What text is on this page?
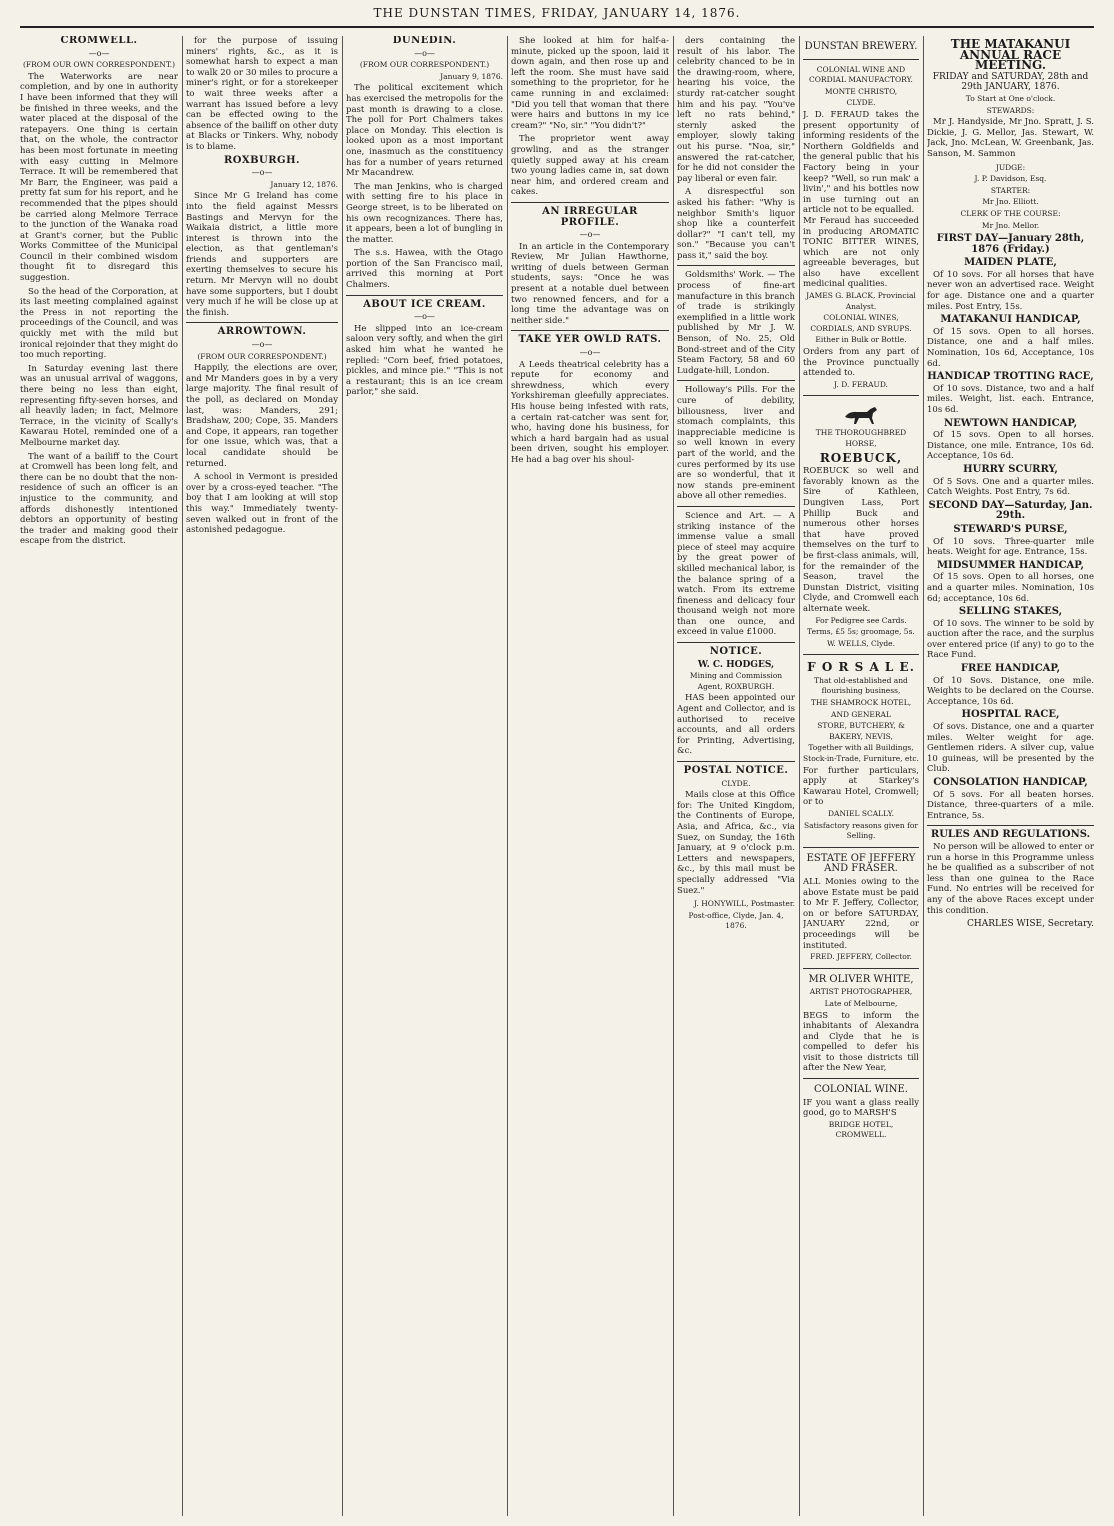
THE DUNSTAN TIMES, FRIDAY, JANUARY 14, 1876.
CROMWELL.
—o—
(FROM OUR OWN CORRESPONDENT.)

The Waterworks are near completion, and by one in authority I have been informed that they will be finished in three weeks, and the water placed at the disposal of the ratepayers. One thing is certain that, on the whole, the contractor has been most fortunate in meeting with easy cutting in Melmore Terrace. It will be remembered that Mr Barr, the Engineer, was paid a pretty fat sum for his report, and he recommended that the pipes should be carried along Melmore Terrace to the junction of the Wanaka road at Grant's corner, but the Public Works Committee of the Municipal Council in their combined wisdom thought fit to disregard this suggestion.

So the head of the Corporation, at its last meeting complained against the Press in not reporting the proceedings of the Council, and was quickly met with the mild but ironical rejoinder that they might do too much reporting.

In Saturday evening last there was an unusual arrival of waggons, there being no less than eight, representing fifty-seven horses, and all heavily laden; in fact, Melmore Terrace, in the vicinity of Scally's Kawarau Hotel, reminded one of a Melbourne market day.

The want of a bailiff to the Court at Cromwell has been long felt, and there can be no doubt that the non-residence of such an officer is an injustice to the community, and affords dishonestly intentioned debtors an opportunity of besting the trader and making good their escape from the district.

for the purpose of issuing miners' rights, &c., as it is somewhat harsh to expect a man to walk 20 or 30 miles to procure a miner's right, or for a storekeeper to wait three weeks after a warrant has issued before a levy can be effected owing to the absence of the bailiff on other duty at Blacks or Tinkers. Why, nobody is to blame.

ROXBURGH.
—o—
January 12, 1876.

Since Mr G Ireland has come into the field against Messrs Bastings and Mervyn for the Waikaia district, a little more interest is thrown into the election, as that gentleman's friends and supporters are exerting themselves to secure his return. Mr Mervyn will no doubt have some supporters, but I doubt very much if he will be close up at the finish.

ARROWTOWN.
—o—
(FROM OUR CORRESPONDENT.)

Happily, the elections are over, and Mr Manders goes in by a very large majority. The final result of the poll, as declared on Monday last, was: Manders, 291; Bradshaw, 200; Cope, 35. Manders and Cope, it appears, ran together for one issue, which was, that a local candidate should be returned.

A school in Vermont is presided over by a cross-eyed teacher. "The boy that I am looking at will stop this way." Immediately twenty-seven walked out in front of the astonished pedagogue.

DUNEDIN.
—o—
(FROM OUR CORRESPONDENT.)
January 9, 1876.

The political excitement which has exercised the metropolis for the past month is drawing to a close. The poll for Port Chalmers takes place on Monday. This election is looked upon as a most important one, inasmuch as the constituency has for a number of years returned Mr Macandrew.

The man Jenkins, who is charged with setting fire to his place in George street, is to be liberated on his own recognizances. There has, it appears, been a lot of bungling in the matter.

The s.s. Hawea, with the Otago portion of the San Francisco mail, arrived this morning at Port Chalmers.

ABOUT ICE CREAM.
—o—

He slipped into an ice-cream saloon very softly, and when the girl asked him what he wanted he replied: "Corn beef, fried potatoes, pickles, and mince pie." "This is not a restaurant; this is an ice cream parlor," she said.

She looked at him for half-a-minute, picked up the spoon, laid it down again, and then rose up and left the room. She must have said something to the proprietor, for he came running in and exclaimed: "Did you tell that woman that there were hairs and buttons in my ice cream?" "No, sir." "You didn't?"

The proprietor went away growling, and as the stranger quietly supped away at his cream two young ladies came in, sat down near him, and ordered cream and cakes.

AN IRREGULAR PROFILE.
—o—

In an article in the Contemporary Review, Mr Julian Hawthorne, writing of duels between German students, says: "Once he was present at a notable duel between two renowned fencers, and for a long time the advantage was on neither side."

TAKE YER OWLD RATS.
—o—

A Leeds theatrical celebrity has a repute for economy and shrewdness, which every Yorkshireman gleefully appreciates. His house being infested with rats, a certain rat-catcher was sent for, who, having done his business, for which a hard bargain had as usual been driven, sought his employer. He had a bag over his shoul-

ders containing the result of his labor. The celebrity chanced to be in the drawing-room, where, hearing his voice, the sturdy rat-catcher sought him and his pay. "You've left no rats behind," sternly asked the employer, slowly taking out his purse. "Noa, sir," answered the rat-catcher, for he did not consider the pay liberal or even fair.

A disrespectful son asked his father: "Why is neighbor Smith's liquor shop like a counterfeit dollar?" "I can't tell, my son." "Because you can't pass it," said the boy.

Goldsmiths' Work. — The process of fine-art manufacture in this branch of trade is strikingly exemplified in a little work published by Mr J. W. Benson, of No. 25, Old Bond-street and of the City Steam Factory, 58 and 60 Ludgate-hill, London.

Holloway's Pills. For the cure of debility, biliousness, liver and stomach complaints, this inappreciable medicine is so well known in every part of the world, and the cures performed by its use are so wonderful, that it now stands pre-eminent above all other remedies.

Science and Art. — A striking instance of the immense value a small piece of steel may acquire by the great power of skilled mechanical labor, is the balance spring of a watch. From its extreme fineness and delicacy four thousand weigh not more than one ounce, and exceed in value £1000.

NOTICE.
W. C. HODGES,
Mining and Commission Agent, ROXBURGH.

HAS been appointed our Agent and Collector, and is authorised to receive accounts, and all orders for Printing, Advertising, &c.

POSTAL NOTICE.
CLYDE.

Mails close at this Office for: The United Kingdom, the Continents of Europe, Asia, and Africa, &c., via Suez, on Sunday, the 16th January, at 9 o'clock p.m. Letters and newspapers, &c., by this mail must be specially addressed "Via Suez."

J. HONYWILL, Postmaster.
Post-office, Clyde, Jan. 4, 1876.
DUNSTAN BREWERY.
COLONIAL WINE AND CORDIAL MANUFACTORY.
MONTE CHRISTO,
CLYDE.
J. D. FERAUD takes the present opportunity of informing residents of the Northern Goldfields and the general public that his Factory being in your keep? "Well, so run mak' a livin'," and his bottles now in use turning out an article not to be equalled.
Mr Feraud has succeeded in producing AROMATIC TONIC BITTER WINES, which are not only agreeable beverages, but also have excellent medicinal qualities.
JAMES G. BLACK, Provincial Analyst.
COLONIAL WINES, CORDIALS, AND SYRUPS.
Either in Bulk or Bottle.
Orders from any part of the Province punctually attended to.
J. D. FERAUD.
THE THOROUGHBRED HORSE,
ROEBUCK,
ROEBUCK so well and favorably known as the Sire of Kathleen, Dungiven Lass, Port Phillip Buck and numerous other horses that have proved themselves on the turf to be first-class animals, will, for the remainder of the Season, travel the Dunstan District, visiting Clyde, and Cromwell each alternate week.
For Pedigree see Cards.
Terms, £5 5s; groomage, 5s.
W. WELLS, Clyde.
F O R S A L E.
That old-established and flourishing business,
THE SHAMROCK HOTEL,
AND GENERAL
STORE, BUTCHERY, & BAKERY, NEVIS,
Together with all Buildings, Stock-in-Trade, Furniture, etc.
For further particulars, apply at Starkey's Kawarau Hotel, Cromwell; or to
DANIEL SCALLY.
Satisfactory reasons given for Selling.
ESTATE OF JEFFERY AND FRASER.
ALL Monies owing to the above Estate must be paid to Mr F. Jeffery, Collector, on or before SATURDAY, JANUARY 22nd, or proceedings will be instituted.
FRED. JEFFERY, Collector.
MR OLIVER WHITE,
ARTIST PHOTOGRAPHER,
Late of Melbourne,
BEGS to inform the inhabitants of Alexandra and Clyde that he is compelled to defer his visit to those districts till after the New Year,
COLONIAL WINE.
IF you want a glass really good, go to MARSH'S
BRIDGE HOTEL, CROMWELL.
THE MATAKANUI ANNUAL RACE MEETING.
FRIDAY and SATURDAY, 28th and 29th JANUARY, 1876.
To Start at One o'clock.
STEWARDS:

Mr J. Handyside, Mr Jno. Spratt, J. S. Dickie, J. G. Mellor, Jas. Stewart, W. Jack, Jno. McLean, W. Greenbank, Jas. Sanson, M. Sammon

JUDGE:
J. P. Davidson, Esq.
STARTER:
Mr Jno. Elliott.
CLERK OF THE COURSE:
Mr Jno. Mellor.
FIRST DAY—January 28th, 1876 (Friday.)
MAIDEN PLATE,

Of 10 sovs. For all horses that have never won an advertised race. Weight for age. Distance one and a quarter miles. Post Entry, 15s.

MATAKANUI HANDICAP,

Of 15 sovs. Open to all horses. Distance, one and a half miles. Nomination, 10s 6d, Acceptance, 10s 6d.

HANDICAP TROTTING RACE,

Of 10 sovs. Distance, two and a half miles. Weight, list. each. Entrance, 10s 6d.

NEWTOWN HANDICAP,

Of 15 sovs. Open to all horses. Distance, one mile. Entrance, 10s 6d. Acceptance, 10s 6d.

HURRY SCURRY,

Of 5 Sovs. One and a quarter miles. Catch Weights. Post Entry, 7s 6d.

SECOND DAY—Saturday, Jan. 29th.
STEWARD'S PURSE,

Of 10 sovs. Three-quarter mile heats. Weight for age. Entrance, 15s.

MIDSUMMER HANDICAP,

Of 15 sovs. Open to all horses, one and a quarter miles. Nomination, 10s 6d; acceptance, 10s 6d.

SELLING STAKES,

Of 10 sovs. The winner to be sold by auction after the race, and the surplus over entered price (if any) to go to the Race Fund.

FREE HANDICAP,

Of 10 Sovs. Distance, one mile. Weights to be declared on the Course. Acceptance, 10s 6d.

HOSPITAL RACE,

Of sovs. Distance, one and a quarter miles. Welter weight for age. Gentlemen riders. A silver cup, value 10 guineas, will be presented by the Club.

CONSOLATION HANDICAP,

Of 5 sovs. For all beaten horses. Distance, three-quarters of a mile. Entrance, 5s.

RULES AND REGULATIONS.

No person will be allowed to enter or run a horse in this Programme unless he be qualified as a subscriber of not less than one guinea to the Race Fund. No entries will be received for any of the above Races except under this condition.

CHARLES WISE, Secretary.
